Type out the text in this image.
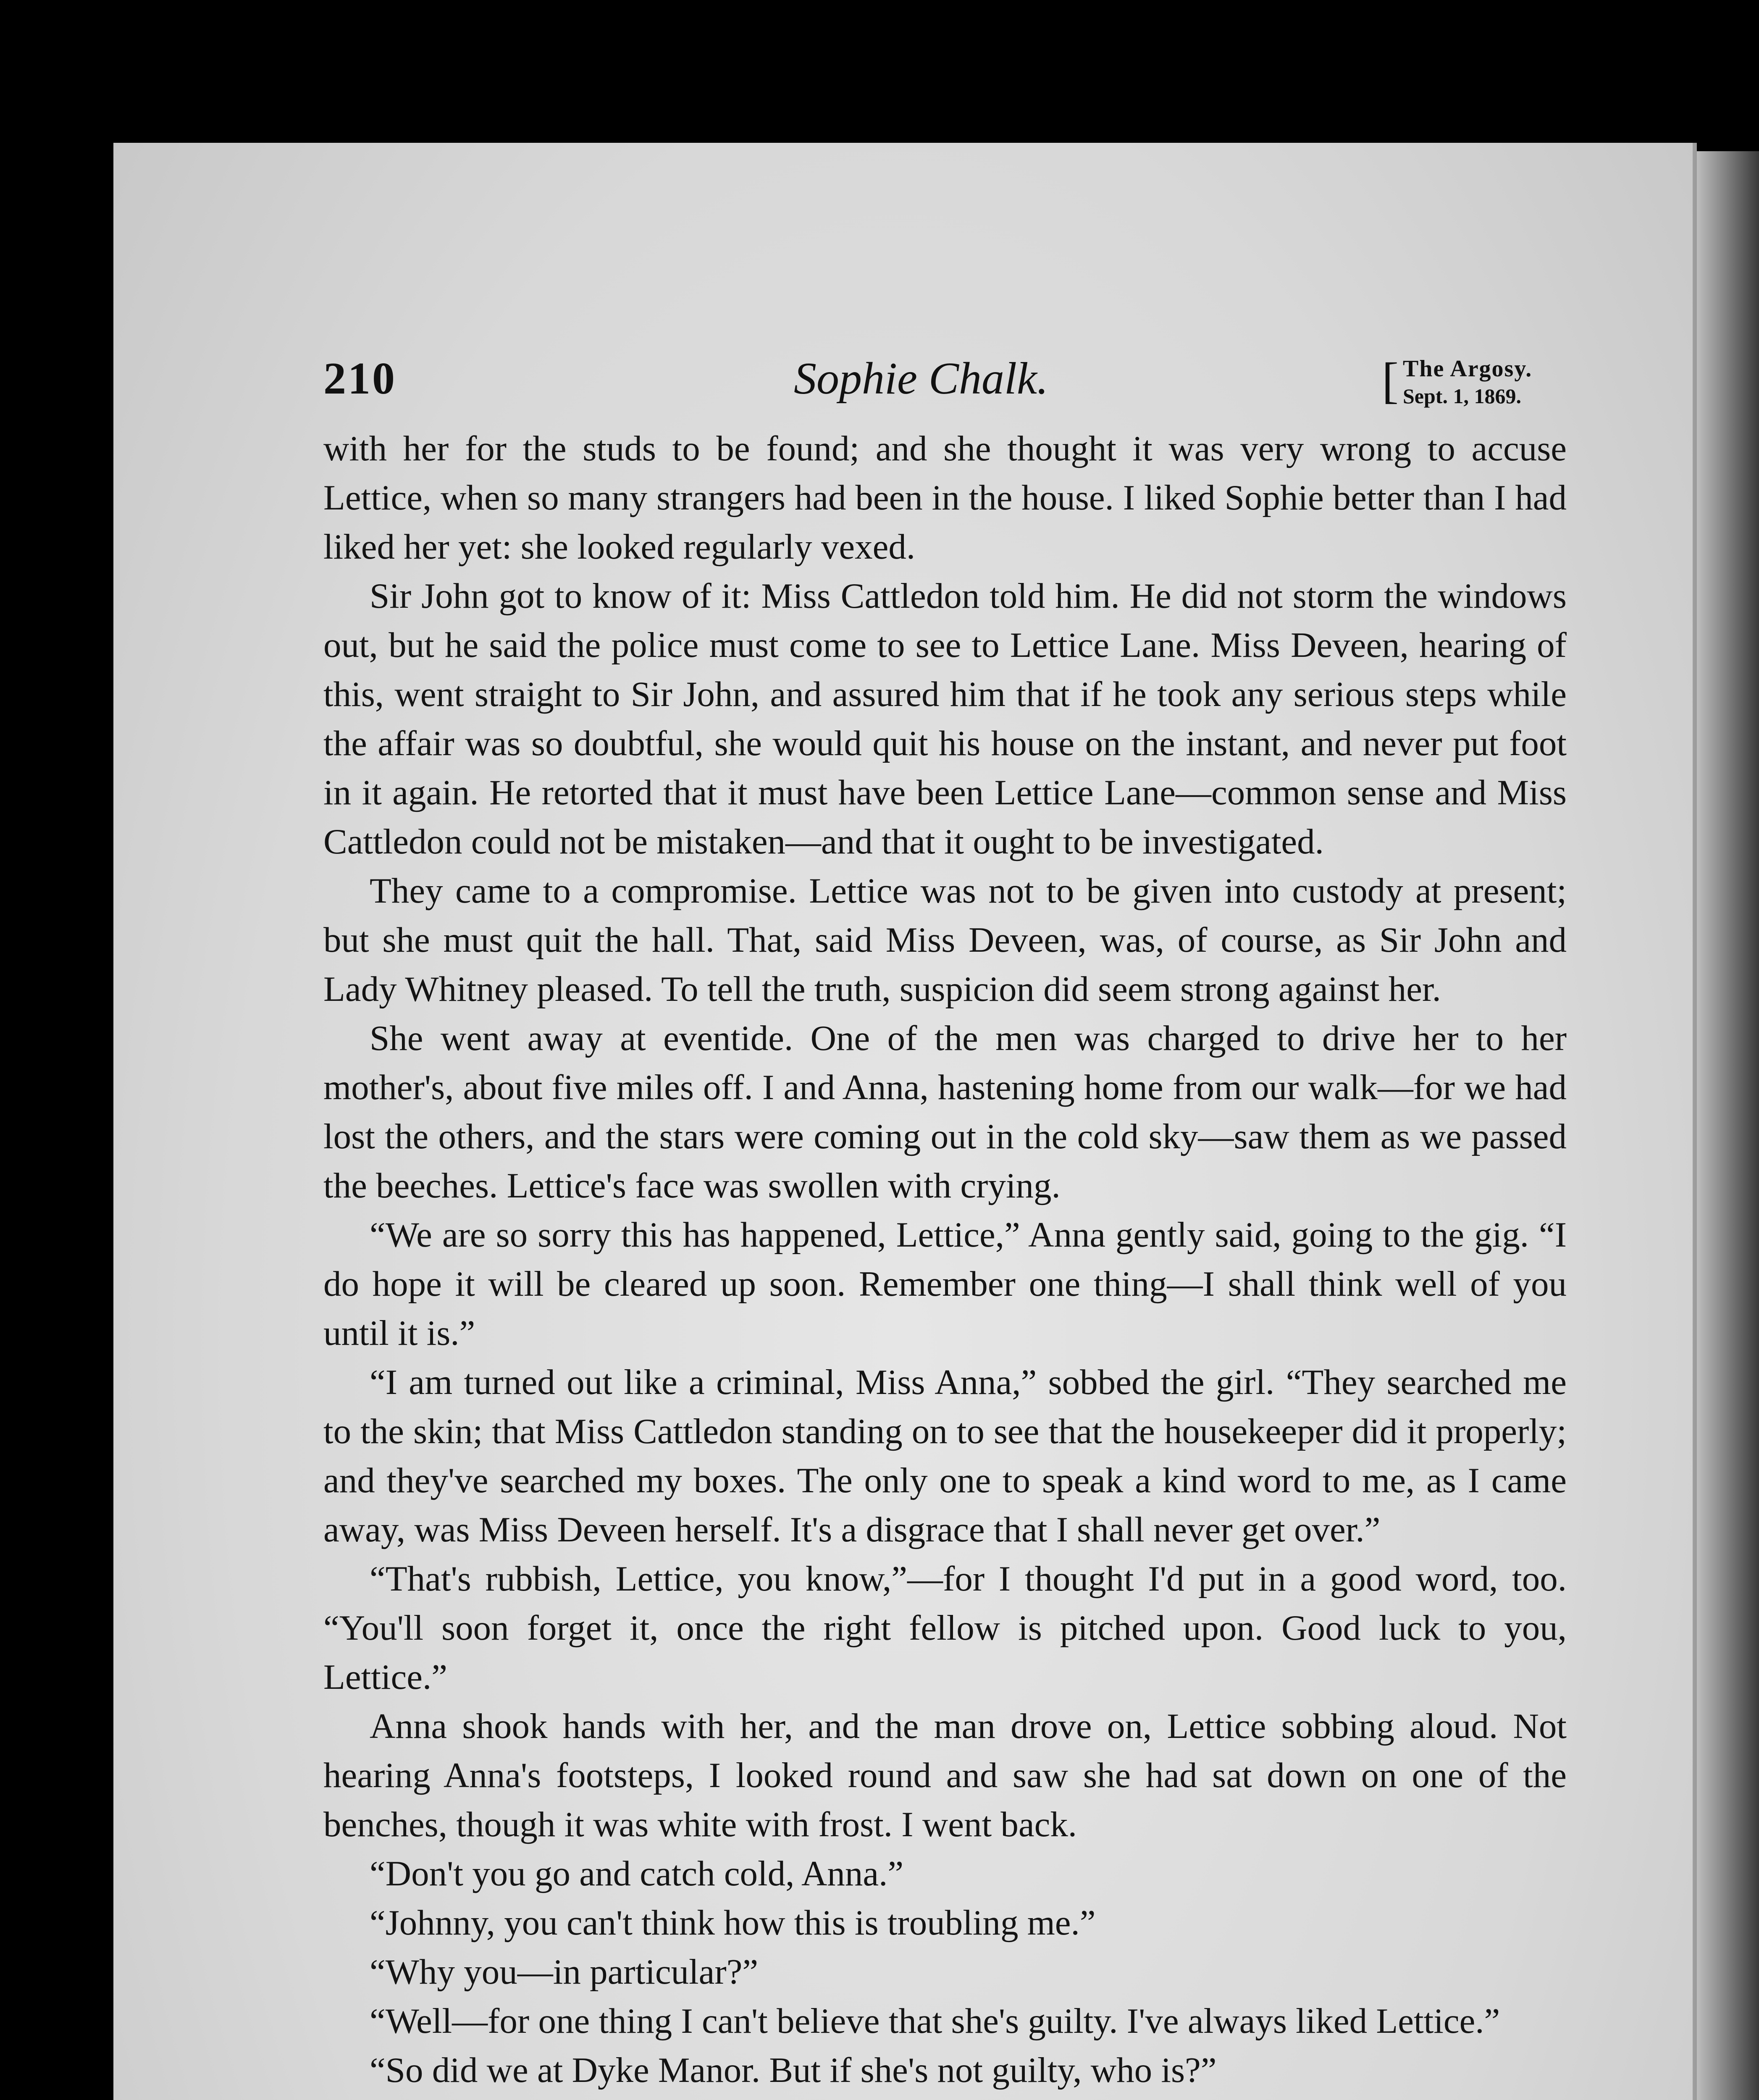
210	Sophie Chalk.	[ The Argosy.
Sept. 1, 1869.

with her for the studs to be found; and she thought it was very wrong to accuse Lettice, when so many strangers had been in the house. I liked Sophie better than I had liked her yet: she looked regularly vexed.

Sir John got to know of it: Miss Cattledon told him. He did not storm the windows out, but he said the police must come to see to Lettice Lane. Miss Deveen, hearing of this, went straight to Sir John, and assured him that if he took any serious steps while the affair was so doubtful, she would quit his house on the instant, and never put foot in it again. He retorted that it must have been Lettice Lane—common sense and Miss Cattledon could not be mistaken—and that it ought to be investigated.

They came to a compromise. Lettice was not to be given into custody at present; but she must quit the hall. That, said Miss Deveen, was, of course, as Sir John and Lady Whitney pleased. To tell the truth, suspicion did seem strong against her.

She went away at eventide. One of the men was charged to drive her to her mother's, about five miles off. I and Anna, hastening home from our walk—for we had lost the others, and the stars were coming out in the cold sky—saw them as we passed the beeches. Lettice's face was swollen with crying.

“We are so sorry this has happened, Lettice,” Anna gently said, going to the gig. “I do hope it will be cleared up soon. Remember one thing—I shall think well of you until it is.”

“I am turned out like a criminal, Miss Anna,” sobbed the girl. “They searched me to the skin; that Miss Cattledon standing on to see that the housekeeper did it properly; and they've searched my boxes. The only one to speak a kind word to me, as I came away, was Miss Deveen herself. It's a disgrace that I shall never get over.”

“That's rubbish, Lettice, you know,”—for I thought I'd put in a good word, too. “You'll soon forget it, once the right fellow is pitched upon. Good luck to you, Lettice.”

Anna shook hands with her, and the man drove on, Lettice sobbing aloud. Not hearing Anna's footsteps, I looked round and saw she had sat down on one of the benches, though it was white with frost. I went back.

“Don't you go and catch cold, Anna.”

“Johnny, you can't think how this is troubling me.”

“Why you—in particular?”

“Well—for one thing I can't believe that she's guilty. I've always liked Lettice.”

“So did we at Dyke Manor. But if she's not guilty, who is?”
